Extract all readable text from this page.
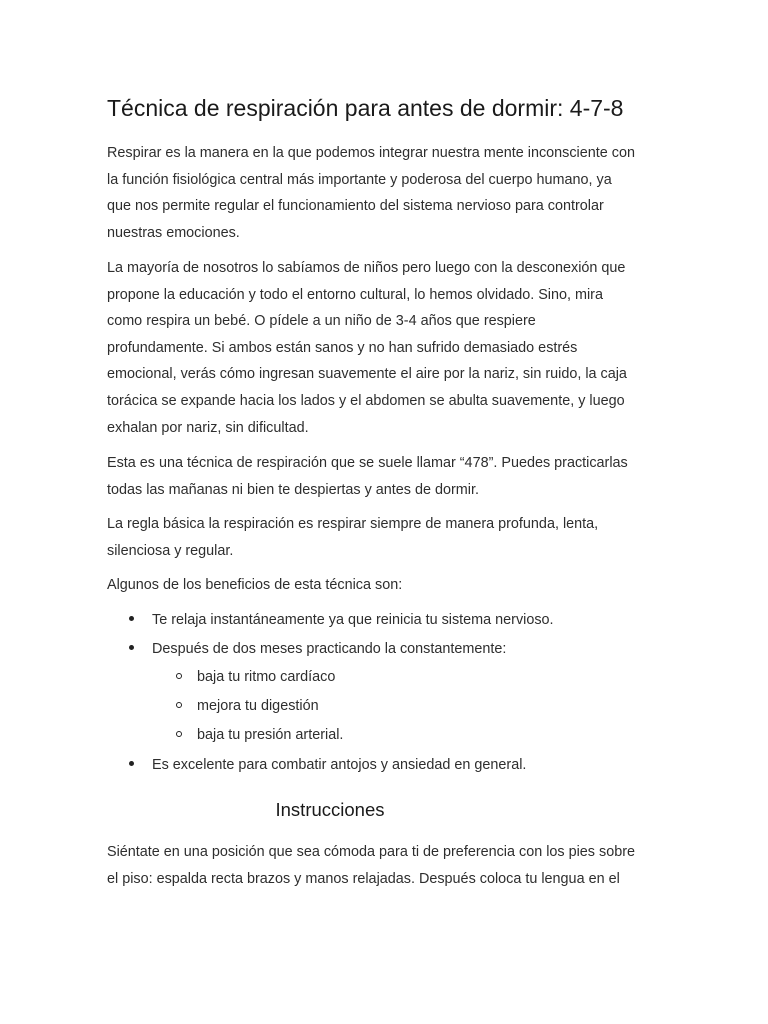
Técnica de respiración para antes de dormir: 4-7-8

Respirar es la manera en la que podemos integrar nuestra mente inconsciente con
la función fisiológica central más importante y poderosa del cuerpo humano, ya
que nos permite regular el funcionamiento del sistema nervioso para controlar
nuestras emociones.

La mayoría de nosotros lo sabíamos de niños pero luego con la desconexión que
propone la educación y todo el entorno cultural, lo hemos olvidado. Sino, mira
como respira un bebé. O pídele a un niño de 3-4 años que respiere
profundamente. Si ambos están sanos y no han sufrido demasiado estrés
emocional, verás cómo ingresan suavemente el aire por la nariz, sin ruido, la caja
torácica se expande hacia los lados y el abdomen se abulta suavemente, y luego
exhalan por nariz, sin dificultad.

Esta es una técnica de respiración que se suele llamar “478”. Puedes practicarlas
todas las mañanas ni bien te despiertas y antes de dormir.

La regla básica la respiración es respirar siempre de manera profunda, lenta,
silenciosa y regular.

Algunos de los beneficios de esta técnica son:

Te relaja instantáneamente ya que reinicia tu sistema nervioso.
Después de dos meses practicando la constantemente:
baja tu ritmo cardíaco
mejora tu digestión
baja tu presión arterial.
Es excelente para combatir antojos y ansiedad en general.
Instrucciones

Siéntate en una posición que sea cómoda para ti de preferencia con los pies sobre
el piso: espalda recta brazos y manos relajadas. Después coloca tu lengua en el
